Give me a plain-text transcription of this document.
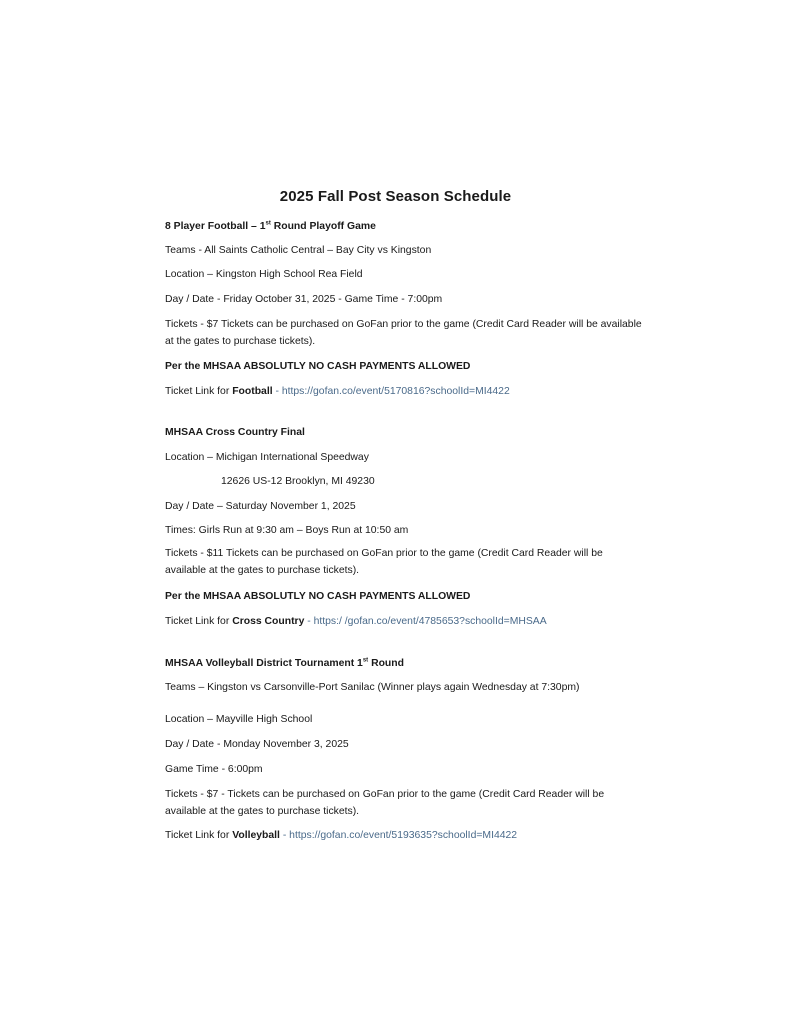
2025 Fall Post Season Schedule
8 Player Football – 1st Round Playoff Game
Teams - All Saints Catholic Central – Bay City vs Kingston
Location – Kingston High School Rea Field
Day / Date - Friday October 31, 2025 - Game Time - 7:00pm
Tickets - $7 Tickets can be purchased on GoFan prior to the game (Credit Card Reader will be available at the gates to purchase tickets).
Per the MHSAA ABSOLUTLY NO CASH PAYMENTS ALLOWED
Ticket Link for Football - https://gofan.co/event/5170816?schoolId=MI4422
MHSAA Cross Country Final
Location – Michigan International Speedway
12626 US-12 Brooklyn, MI 49230
Day / Date – Saturday November 1, 2025
Times: Girls Run at 9:30 am – Boys Run at 10:50 am
Tickets - $11 Tickets can be purchased on GoFan prior to the game (Credit Card Reader will be available at the gates to purchase tickets).
Per the MHSAA ABSOLUTLY NO CASH PAYMENTS ALLOWED
Ticket Link for Cross Country - https:/ /gofan.co/event/4785653?schoolId=MHSAA
MHSAA Volleyball District Tournament 1st Round
Teams – Kingston vs Carsonville-Port Sanilac (Winner plays again Wednesday at 7:30pm)
Location – Mayville High School
Day / Date - Monday November 3, 2025
Game Time - 6:00pm
Tickets - $7 - Tickets can be purchased on GoFan prior to the game (Credit Card Reader will be available at the gates to purchase tickets).
Ticket Link for Volleyball - https://gofan.co/event/5193635?schoolId=MI4422
